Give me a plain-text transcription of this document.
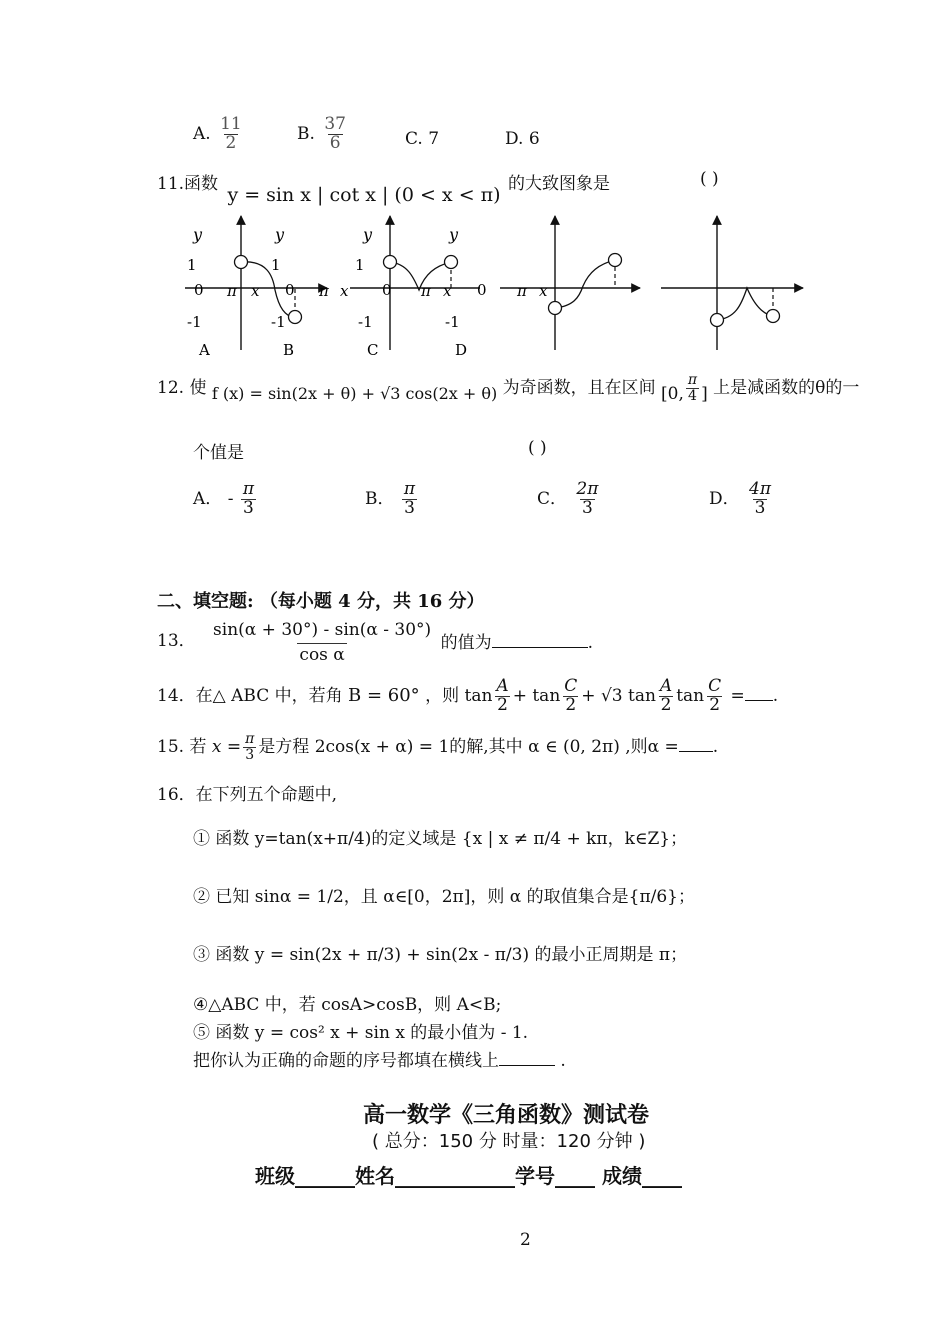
A. $\frac{11}{2}$	B. $\frac{37}{6}$	C. 7	D. 6
11.函数 y = sin x | cot x | (0 < x < π) 的大致图象是	( )
y	y
1	1
0 π x 0 π
-1	-1
A	B
y	y
1
x 0 π x 0
-1	-1
C	D
π x
12. 使 f (x) = sin(2x + θ) + √3 cos(2x + θ) 为奇函数，且在区间 [0, $\frac{\pi}{4}$ ] 上是减函数的θ的一
个值是	( )
A． - $\frac{\pi}{3}$	B． $\frac{\pi}{3}$	C． $\frac{2\pi}{3}$	D． $\frac{4\pi}{3}$
二、填空题: （每小题 4 分，共 16 分）
13． $\frac{\sin(\alpha + 30^\circ) - \sin(\alpha - 30^\circ)}{\text{cos α}}$ 的值为	.
14．在△ ABC 中，若角 B = 60° ，则 $\tan \frac{A}{2} + \tan \frac{C}{2} + √3$ $\tan \frac{A}{2}$ $\tan \frac{C}{2}$ = .
15. 若 $x = \frac{\pi}{3}$ 是方程 2cos(x + α) = 1的解,其中 α ∈ (0, 2π) ,则α = .
16．在下列五个命题中,
① 函数 y=tan(x+π/4)的定义域是 {x | x ≠ π/4 + kπ，k∈Z}；
② 已知 sinα = 1/2，且 α∈[0，2π]，则 α 的取值集合是{π/6}；
③ 函数 y = sin(2x + π/3) + sin(2x - π/3) 的最小正周期是 π；
④△ABC 中，若 cosA>cosB，则 A<B;
⑤ 函数 y = cos² x + sin x 的最小值为 - 1.
把你认为正确的命题的序号都填在横线上	.
高一数学《三角函数》测试卷
( 总分：150 分 时量：120 分钟 )
班级______姓名____________学号____ 成绩____
2
